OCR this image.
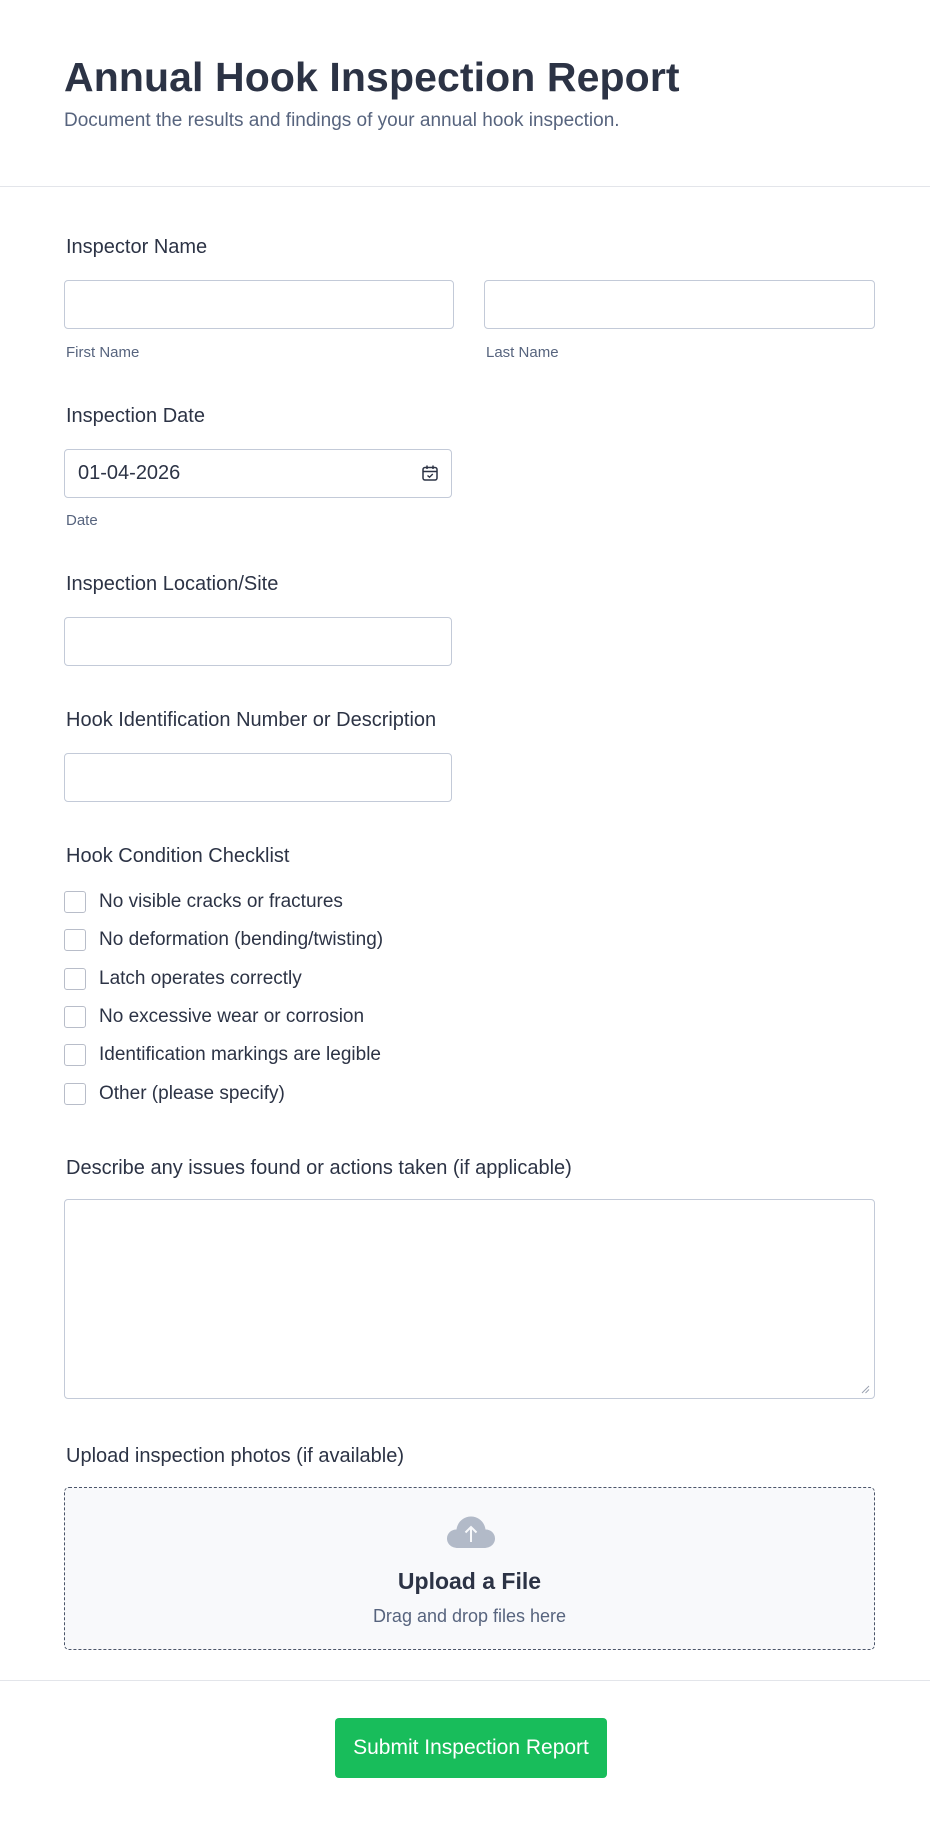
Annual Hook Inspection Report

Document the results and findings of your annual hook inspection.

Inspector Name
First Name	Last Name
Inspection Date
01-04-2026
Date
Inspection Location/Site
Hook Identification Number or Description
Hook Condition Checklist
No visible cracks or fractures
No deformation (bending/twisting)
Latch operates correctly
No excessive wear or corrosion
Identification markings are legible
Other (please specify)
Describe any issues found or actions taken (if applicable)
Upload inspection photos (if available)
Upload a File
Drag and drop files here
Submit Inspection Report
